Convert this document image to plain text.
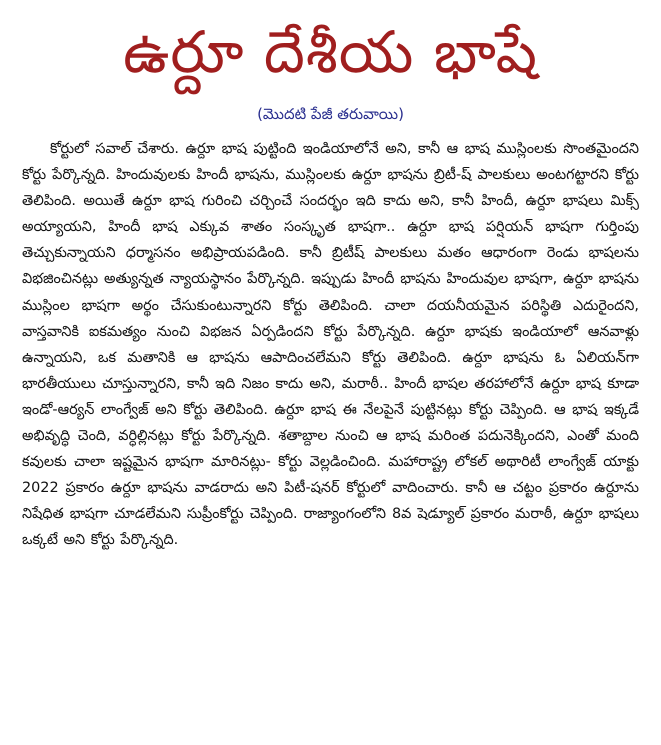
ఉర్దూ దేశీయ భాషే
(మొదటి పేజీ తరువాయి)

కోర్టులో సవాల్ చేశారు. ఉర్దూ భాష పుట్టింది ఇండియాలోనే అని, కానీ ఆ భాష ముస్లింలకు సొంతమైందని కోర్టు పేర్కొన్నది. హిందువులకు హిందీ భాషను, ముస్లింలకు ఉర్దూ భాషను బ్రిటీ-ష్ పాలకులు అంటగట్టారని కోర్టు తెలిపింది. అయితే ఉర్దూ భాష గురించి చర్చించే సందర్భం ఇది కాదు అని, కానీ హిందీ, ఉర్దూ భాషలు మిక్స్ అయ్యాయని, హిందీ భాష ఎక్కువ శాతం సంస్కృత భాషగా.. ఉర్దూ భాష పర్షియన్ భాషగా గుర్తింపు తెచ్చుకున్నాయని ధర్మాసనం అభిప్రాయపడింది. కానీ బ్రిటీష్ పాలకులు మతం ఆధారంగా రెండు భాషలను విభజించినట్లు అత్యున్నత న్యాయస్థానం పేర్కొన్నది. ఇప్పుడు హిందీ భాషను హిందువుల భాషగా, ఉర్దూ భాషను ముస్లింల భాషగా అర్థం చేసుకుంటున్నారని కోర్టు తెలిపింది. చాలా దయనీయమైన పరిస్థితి ఎదురైందని, వాస్తవానికి ఐకమత్యం నుంచి విభజన ఏర్పడిందని కోర్టు పేర్కొన్నది. ఉర్దూ భాషకు ఇండియాలో ఆనవాళ్లు ఉన్నాయని, ఒక మతానికి ఆ భాషను ఆపాదించలేమని కోర్టు తెలిపింది. ఉర్దూ భాషను ఓ ఏలియన్‌గా భారతీయులు చూస్తున్నారని, కానీ ఇది నిజం కాదు అని, మరాఠీ.. హిందీ భాషల తరహాలోనే ఉర్దూ భాష కూడా ఇండో-ఆర్యన్ లాంగ్వేజ్ అని కోర్టు తెలిపింది. ఉర్దూ భాష ఈ నేలపైనే పుట్టినట్లు కోర్టు చెప్పింది. ఆ భాష ఇక్కడే అభివృద్ధి చెంది, వర్ధిల్లినట్లు కోర్టు పేర్కొన్నది. శతాబ్దాల నుంచి ఆ భాష మరింత పదునెక్కిందని, ఎంతో మంది కవులకు చాలా ఇష్టమైన భాషగా మారినట్లు- కోర్టు వెల్లడించింది. మహారాష్ట్ర లోకల్ అథారిటీ లాంగ్వేజ్ యాక్టు 2022 ప్రకారం ఉర్దూ భాషను వాడరాదు అని పిటీ-షనర్ కోర్టులో వాదించారు. కానీ ఆ చట్టం ప్రకారం ఉర్దూను నిషేధిత భాషగా చూడలేమని సుప్రీంకోర్టు చెప్పింది. రాజ్యాంగంలోని 8వ షెడ్యూల్ ప్రకారం మరాఠీ, ఉర్దూ భాషలు ఒక్కటే అని కోర్టు పేర్కొన్నది.
